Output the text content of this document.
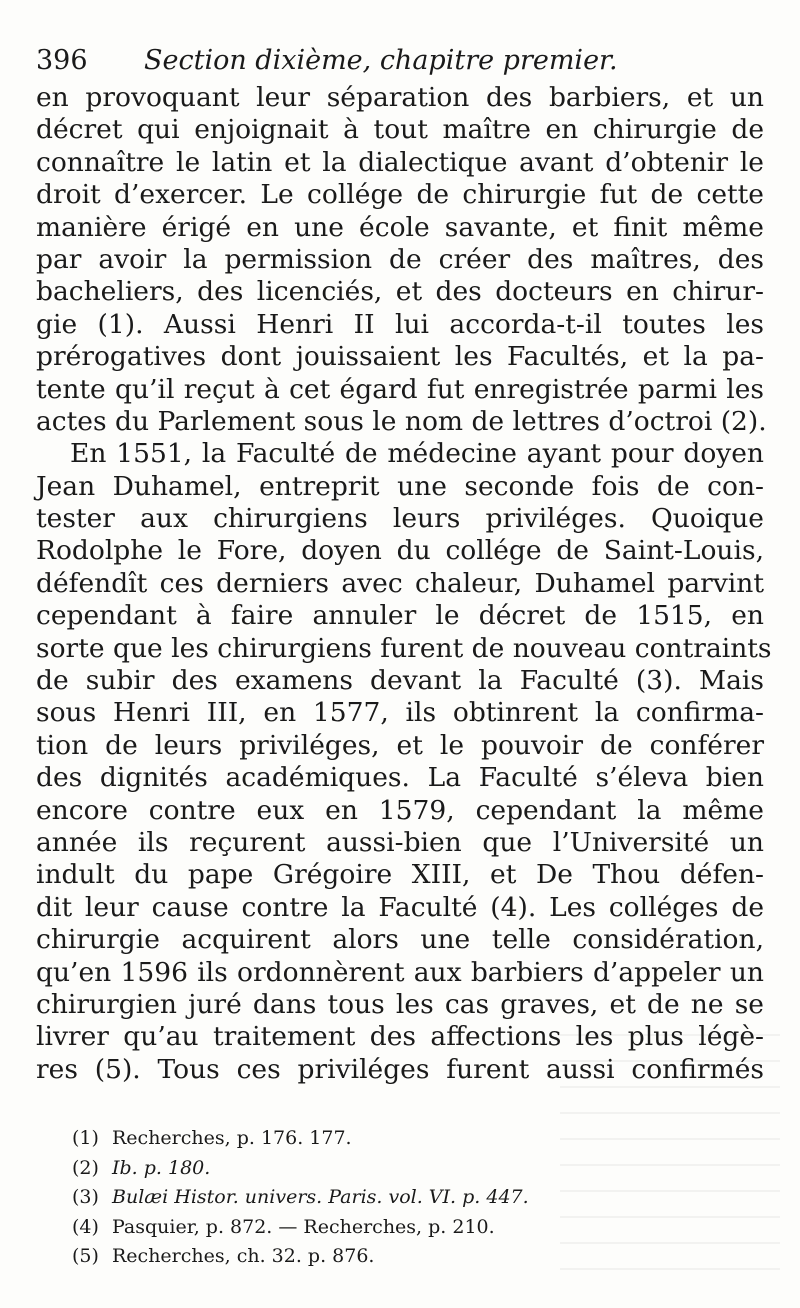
396 Section dixième, chapitre premier.
en provoquant leur séparation des barbiers, et un
décret qui enjoignait à tout maître en chirurgie de
connaître le latin et la dialectique avant d’obtenir le
droit d’exercer. Le collége de chirurgie fut de cette
manière érigé en une école savante, et finit même
par avoir la permission de créer des maîtres, des
bacheliers, des licenciés, et des docteurs en chirur-
gie (1). Aussi Henri II lui accorda-t-il toutes les
prérogatives dont jouissaient les Facultés, et la pa-
tente qu’il reçut à cet égard fut enregistrée parmi les
actes du Parlement sous le nom de lettres d’octroi (2).
En 1551, la Faculté de médecine ayant pour doyen
Jean Duhamel, entreprit une seconde fois de con-
tester aux chirurgiens leurs priviléges. Quoique
Rodolphe le Fore, doyen du collége de Saint-Louis,
défendît ces derniers avec chaleur, Duhamel parvint
cependant à faire annuler le décret de 1515, en
sorte que les chirurgiens furent de nouveau contraints
de subir des examens devant la Faculté (3). Mais
sous Henri III, en 1577, ils obtinrent la confirma-
tion de leurs priviléges, et le pouvoir de conférer
des dignités académiques. La Faculté s’éleva bien
encore contre eux en 1579, cependant la même
année ils reçurent aussi-bien que l’Université un
indult du pape Grégoire XIII, et De Thou défen-
dit leur cause contre la Faculté (4). Les colléges de
chirurgie acquirent alors une telle considération,
qu’en 1596 ils ordonnèrent aux barbiers d’appeler un
chirurgien juré dans tous les cas graves, et de ne se
livrer qu’au traitement des affections les plus légè-
res (5). Tous ces priviléges furent aussi confirmés
(1) Recherches, p. 176. 177.
(2) Ib. p. 180.
(3) Bulæi Histor. univers. Paris. vol. VI. p. 447.
(4) Pasquier, p. 872. — Recherches, p. 210.
(5) Recherches, ch. 32. p. 876.
